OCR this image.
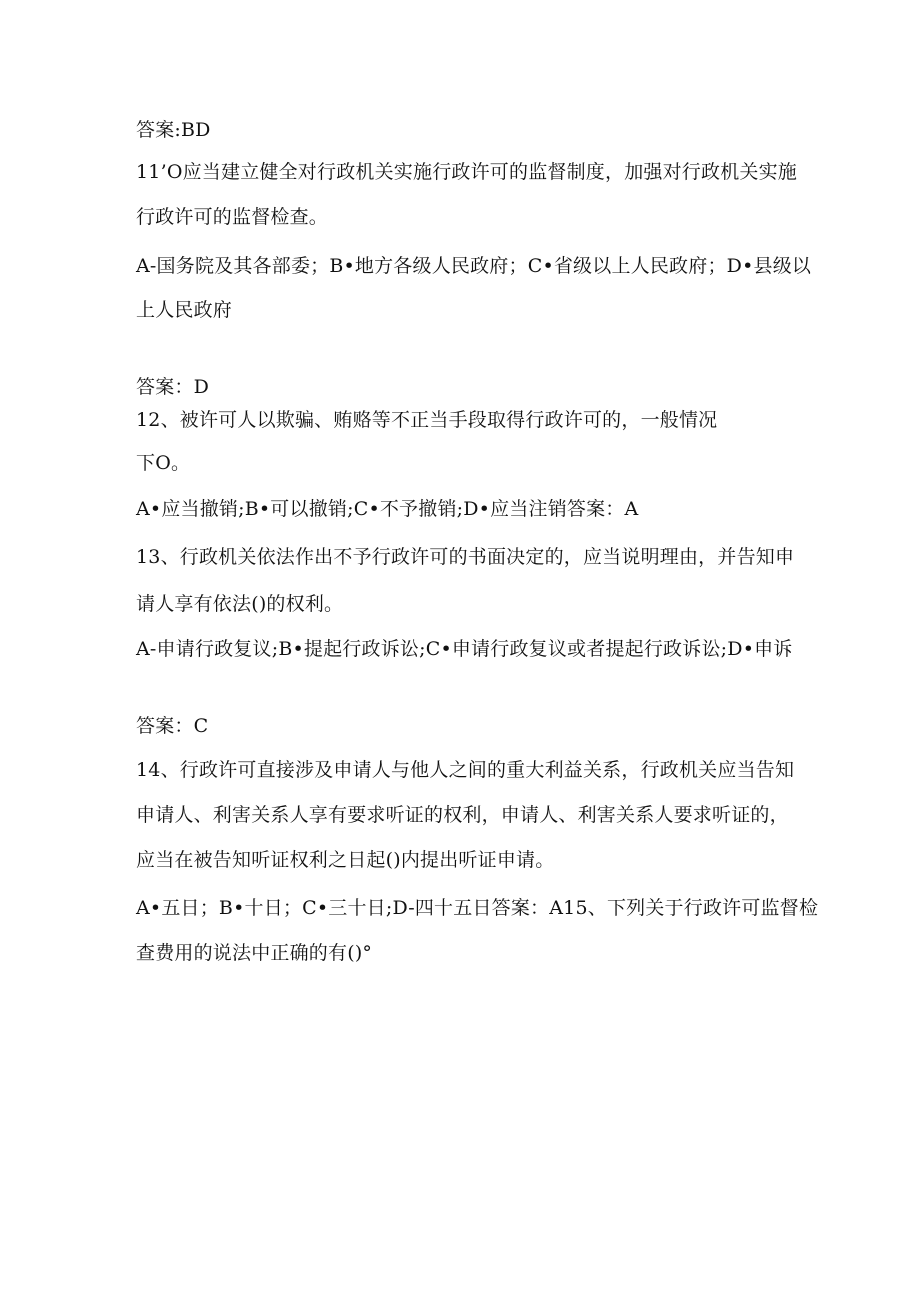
答案:BD
11’O应当建立健全对行政机关实施行政许可的监督制度，加强对行政机关实施
行政许可的监督检查。
A-国务院及其各部委；B•地方各级人民政府；C•省级以上人民政府；D•县级以
上人民政府
答案：D
12、被许可人以欺骗、贿赂等不正当手段取得行政许可的，一般情况
下O。
A•应当撤销;B•可以撤销;C•不予撤销;D•应当注销答案：A
13、行政机关依法作出不予行政许可的书面决定的，应当说明理由，并告知申
请人享有依法()的权利。
A-申请行政复议;B•提起行政诉讼;C•申请行政复议或者提起行政诉讼;D•申诉
答案：C
14、行政许可直接涉及申请人与他人之间的重大利益关系，行政机关应当告知
申请人、利害关系人享有要求听证的权利，申请人、利害关系人要求听证的，
应当在被告知听证权利之日起()内提出听证申请。
A•五日；B•十日；C•三十日;D-四十五日答案：A15、下列关于行政许可监督检
查费用的说法中正确的有()°
